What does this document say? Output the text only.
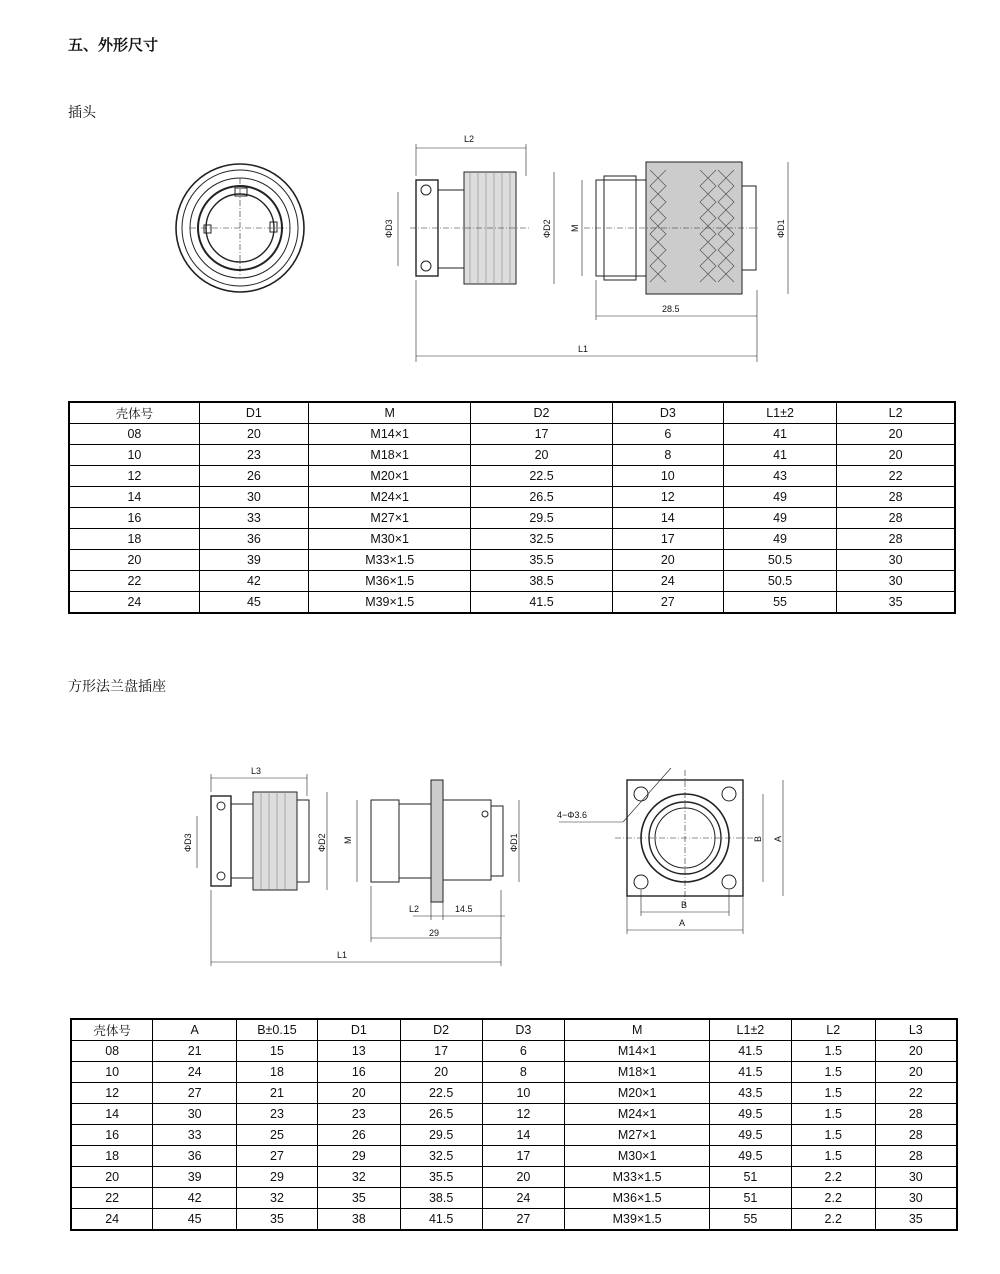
五、外形尺寸
插头
L2
ΦD3	ΦD2
L1
M	ΦD1
28.5
壳体号	D1	M	D2	D3	L1±2	L2
08	20	M14×1	17	6	41	20
10	23	M18×1	20	8	41	20
12	26	M20×1	22.5	10	43	22
14	30	M24×1	26.5	12	49	28
16	33	M27×1	29.5	14	49	28
18	36	M30×1	32.5	17	49	28
20	39	M33×1.5	35.5	20	50.5	30
22	42	M36×1.5	38.5	24	50.5	30
24	45	M39×1.5	41.5	27	55	35
方形法兰盘插座
L3
ΦD3	ΦD2
L1
M	ΦD1
L2	14.5
29
4−Φ3.6
B
A
B A
壳体号	A	B±0.15	D1	D2	D3	M	L1±2	L2	L3
08	21	15	13	17	6	M14×1	41.5	1.5	20
10	24	18	16	20	8	M18×1	41.5	1.5	20
12	27	21	20	22.5	10	M20×1	43.5	1.5	22
14	30	23	23	26.5	12	M24×1	49.5	1.5	28
16	33	25	26	29.5	14	M27×1	49.5	1.5	28
18	36	27	29	32.5	17	M30×1	49.5	1.5	28
20	39	29	32	35.5	20	M33×1.5	51	2.2	30
22	42	32	35	38.5	24	M36×1.5	51	2.2	30
24	45	35	38	41.5	27	M39×1.5	55	2.2	35
